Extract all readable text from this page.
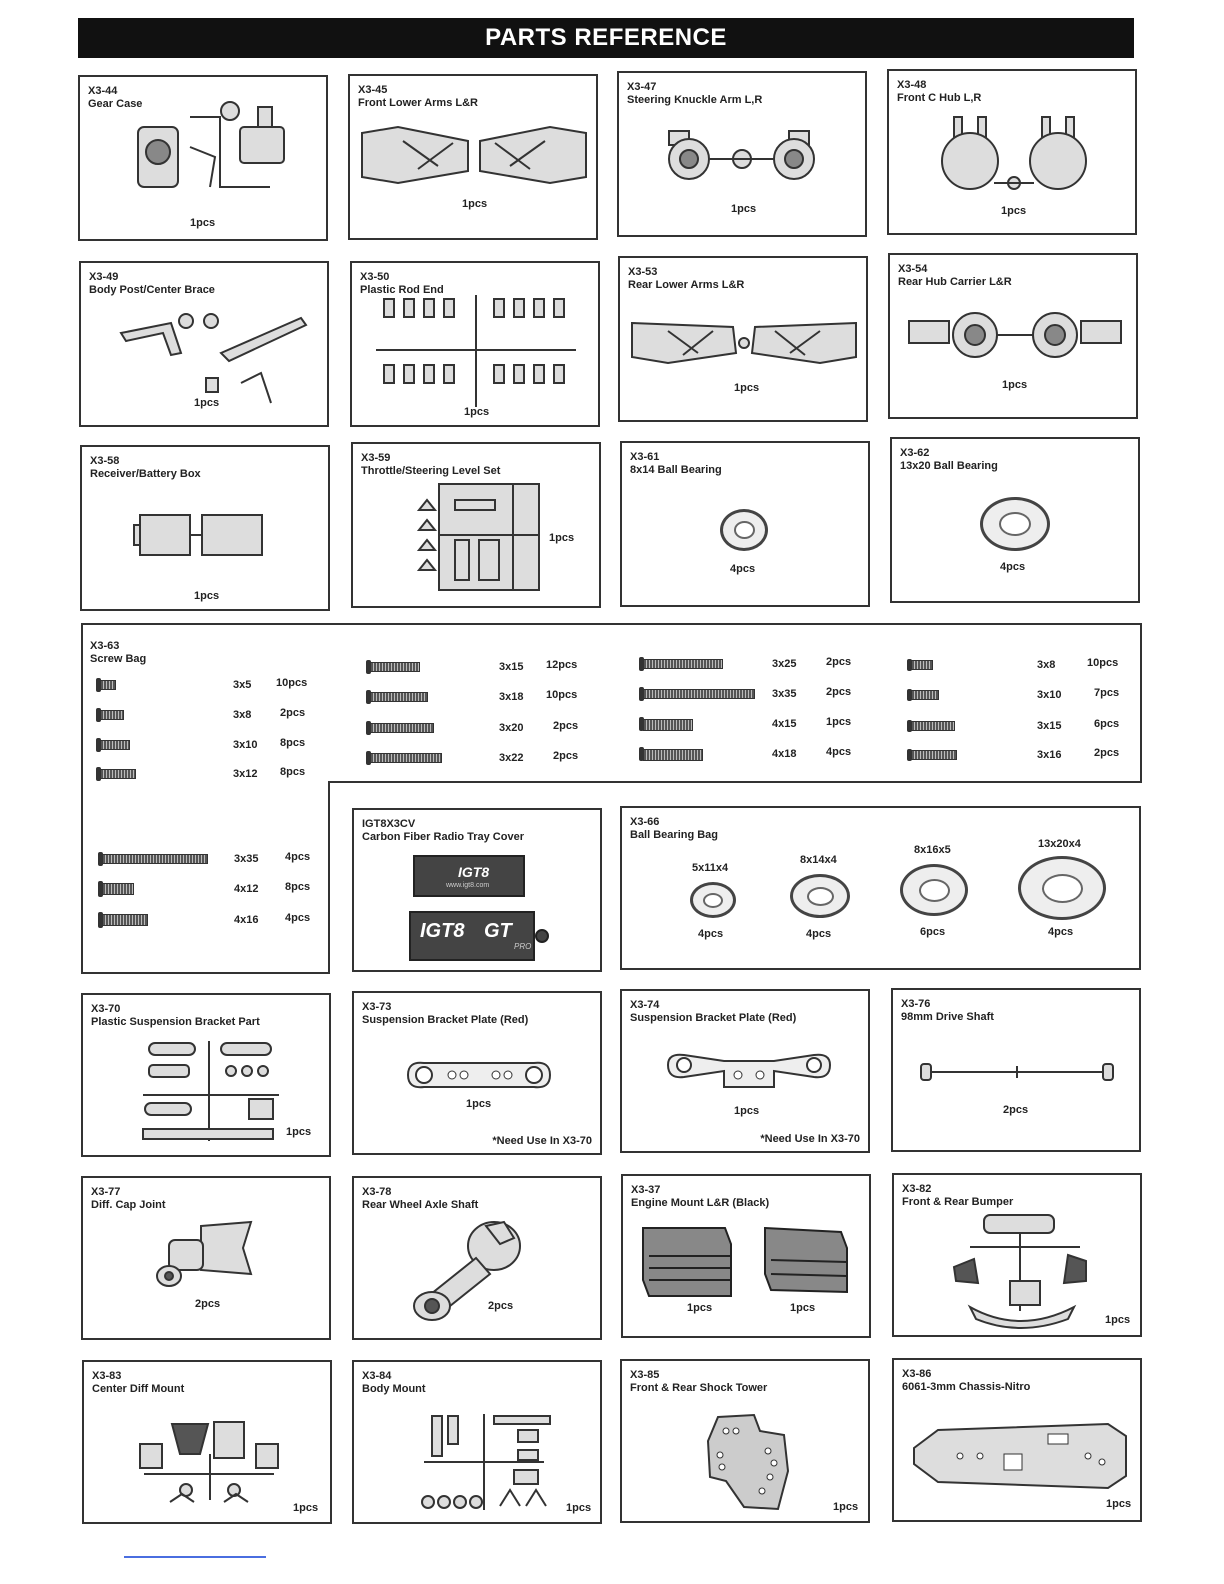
PARTS REFERENCE
X3-44
Gear Case
1pcs
X3-45
Front Lower Arms L&R
1pcs
X3-47
Steering Knuckle Arm L,R
1pcs
X3-48
Front C Hub L,R
1pcs
X3-49
Body Post/Center Brace
1pcs
X3-50
Plastic Rod End
1pcs
X3-53
Rear Lower Arms L&R
1pcs
X3-54
Rear Hub Carrier L&R
1pcs
X3-58
Receiver/Battery Box
1pcs
X3-59
Throttle/Steering Level Set
1pcs
X3-61
8x14 Ball Bearing
4pcs
X3-62
13x20 Ball Bearing
4pcs
X3-63
Screw Bag
3x5 10pcs
3x8	2pcs
3x10 8pcs
3x12 8pcs
3x15 12pcs
3x18 10pcs
3x20	2pcs
3x22	2pcs
3x25	2pcs
3x35	2pcs
4x15	1pcs
4x18	4pcs
3x8	10pcs
3x10	7pcs
3x15	6pcs
3x16	2pcs
3x35 4pcs
4x12 8pcs
4x16 4pcs
IGT8X3CV
Carbon Fiber Radio Tray Cover
IGT8
www.igt8.com
IGT8 GT
PRO
X3-66
Ball Bearing Bag
5x11x4
4pcs
8x14x4
4pcs
8x16x5
6pcs
13x20x4
4pcs
X3-70
Plastic Suspension Bracket Part
1pcs
X3-73
Suspension Bracket Plate (Red)
1pcs
*Need Use In X3-70
X3-74
Suspension Bracket Plate (Red)
1pcs
*Need Use In X3-70
X3-76
98mm Drive Shaft
2pcs
X3-77
Diff. Cap Joint
2pcs
X3-78
Rear Wheel Axle Shaft
2pcs
X3-37
Engine Mount L&R (Black)
1pcs	1pcs
X3-82
Front & Rear Bumper
1pcs
X3-83
Center Diff Mount
1pcs
X3-84
Body Mount
1pcs
X3-85
Front & Rear Shock Tower
1pcs
X3-86
6061-3mm Chassis-Nitro
1pcs
